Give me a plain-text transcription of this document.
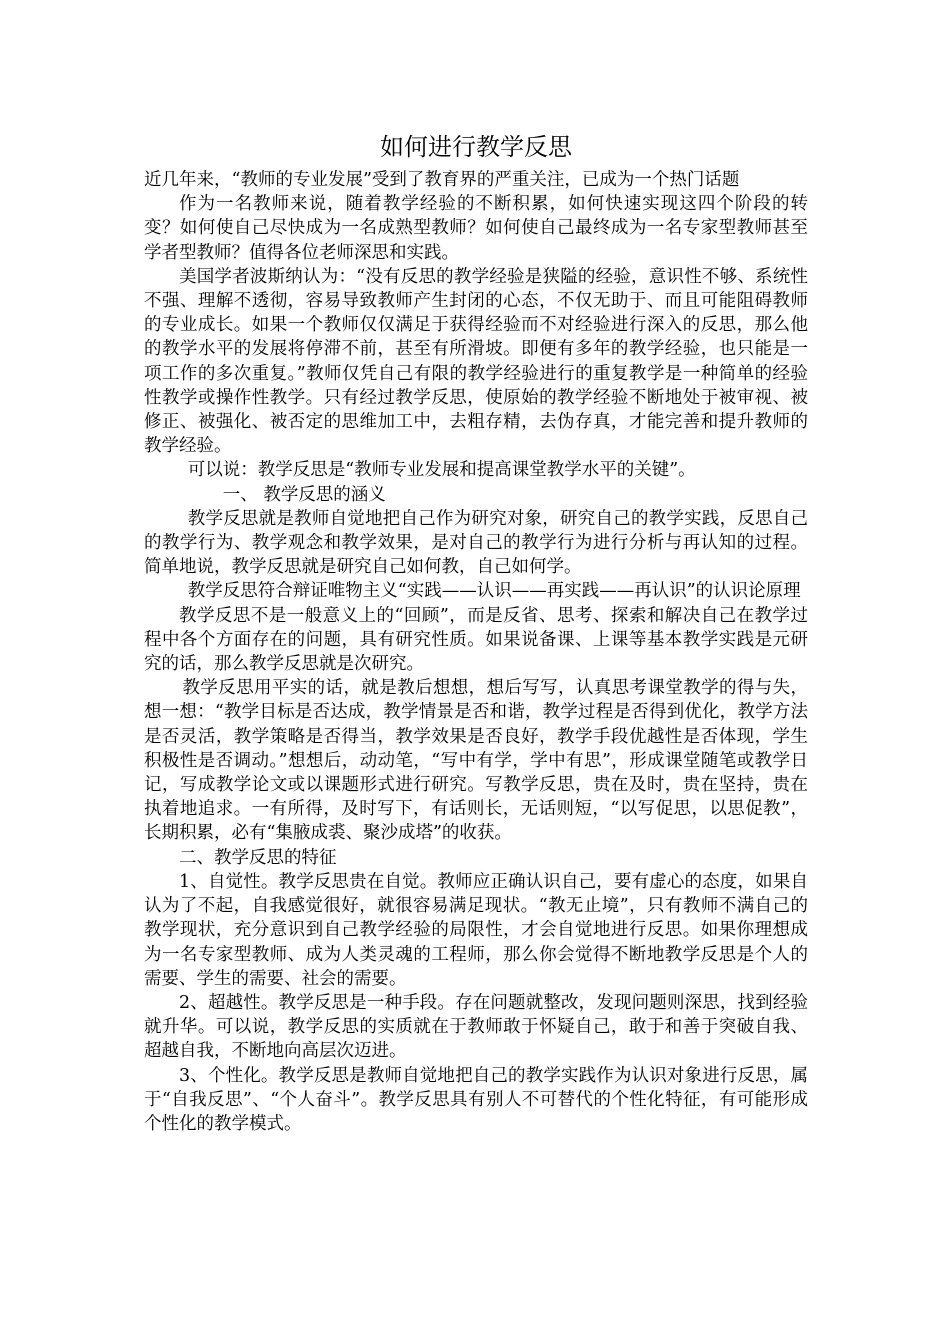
如何进行教学反思

近几年来，“教师的专业发展”受到了教育界的严重关注，已成为一个热门话题

作为一名教师来说，随着教学经验的不断积累，如何快速实现这四个阶段的转变？如何使自己尽快成为一名成熟型教师？如何使自己最终成为一名专家型教师甚至学者型教师？值得各位老师深思和实践。

美国学者波斯纳认为：“没有反思的教学经验是狭隘的经验，意识性不够、系统性不强、理解不透彻，容易导致教师产生封闭的心态，不仅无助于、而且可能阻碍教师的专业成长。如果一个教师仅仅满足于获得经验而不对经验进行深入的反思，那么他的教学水平的发展将停滞不前，甚至有所滑坡。即便有多年的教学经验，也只能是一项工作的多次重复。”教师仅凭自己有限的教学经验进行的重复教学是一种简单的经验性教学或操作性教学。只有经过教学反思，使原始的教学经验不断地处于被审视、被修正、被强化、被否定的思维加工中，去粗存精，去伪存真，才能完善和提升教师的教学经验。

可以说：教学反思是“教师专业发展和提高课堂教学水平的关键”。

一、 教学反思的涵义

教学反思就是教师自觉地把自己作为研究对象，研究自己的教学实践，反思自己的教学行为、教学观念和教学效果，是对自己的教学行为进行分析与再认知的过程。简单地说，教学反思就是研究自己如何教，自己如何学。

教学反思符合辩证唯物主义“实践——认识——再实践——再认识”的认识论原理

教学反思不是一般意义上的“回顾”，而是反省、思考、探索和解决自己在教学过程中各个方面存在的问题，具有研究性质。如果说备课、上课等基本教学实践是元研究的话，那么教学反思就是次研究。

教学反思用平实的话，就是教后想想，想后写写，认真思考课堂教学的得与失，想一想：“教学目标是否达成，教学情景是否和谐，教学过程是否得到优化，教学方法是否灵活，教学策略是否得当，教学效果是否良好，教学手段优越性是否体现，学生积极性是否调动。”想想后，动动笔，“写中有学，学中有思”，形成课堂随笔或教学日记，写成教学论文或以课题形式进行研究。写教学反思，贵在及时，贵在坚持，贵在执着地追求。一有所得，及时写下，有话则长，无话则短，“以写促思，以思促教”，长期积累，必有“集腋成裘、聚沙成塔”的收获。

二、教学反思的特征

1、自觉性。教学反思贵在自觉。教师应正确认识自己，要有虚心的态度，如果自认为了不起，自我感觉很好，就很容易满足现状。“教无止境”，只有教师不满自己的教学现状，充分意识到自己教学经验的局限性，才会自觉地进行反思。如果你理想成为一名专家型教师、成为人类灵魂的工程师，那么你会觉得不断地教学反思是个人的需要、学生的需要、社会的需要。

2、超越性。教学反思是一种手段。存在问题就整改，发现问题则深思，找到经验就升华。可以说，教学反思的实质就在于教师敢于怀疑自己，敢于和善于突破自我、超越自我，不断地向高层次迈进。

3、个性化。教学反思是教师自觉地把自己的教学实践作为认识对象进行反思，属于“自我反思”、“个人奋斗”。教学反思具有别人不可替代的个性化特征，有可能形成个性化的教学模式。
